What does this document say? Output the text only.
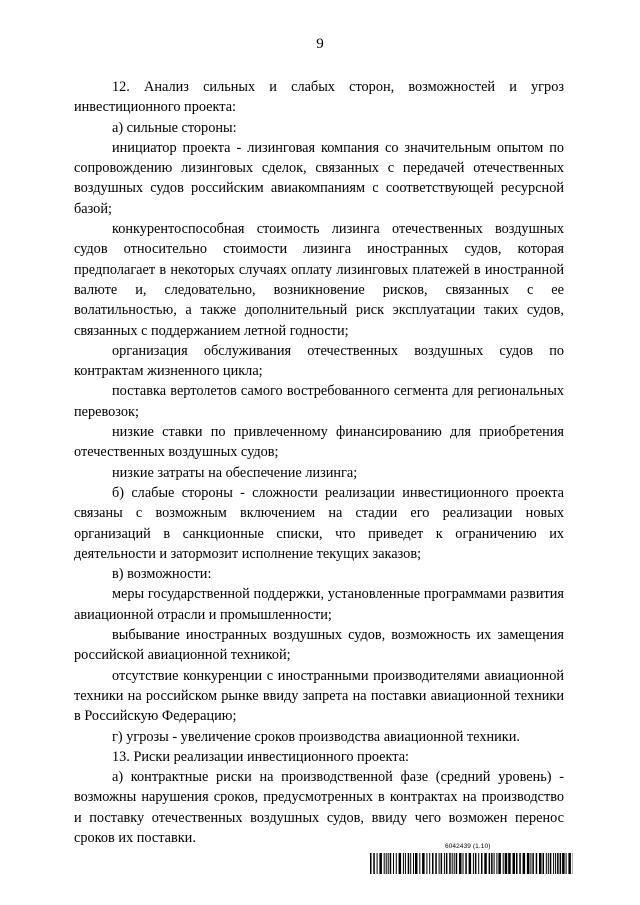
9

12. Анализ сильных и слабых сторон, возможностей и угроз инвестиционного проекта:

а) сильные стороны:

инициатор проекта - лизинговая компания со значительным опытом по сопровождению лизинговых сделок, связанных с передачей отечественных воздушных судов российским авиакомпаниям с соответствующей ресурсной базой;

конкурентоспособная стоимость лизинга отечественных воздушных судов относительно стоимости лизинга иностранных судов, которая предполагает в некоторых случаях оплату лизинговых платежей в иностранной валюте и, следовательно, возникновение рисков, связанных с ее волатильностью, а также дополнительный риск эксплуатации таких судов, связанных с поддержанием летной годности;

организация обслуживания отечественных воздушных судов по контрактам жизненного цикла;

поставка вертолетов самого востребованного сегмента для региональных перевозок;

низкие ставки по привлеченному финансированию для приобретения отечественных воздушных судов;

низкие затраты на обеспечение лизинга;

б) слабые стороны - сложности реализации инвестиционного проекта связаны с возможным включением на стадии его реализации новых организаций в санкционные списки, что приведет к ограничению их деятельности и затормозит исполнение текущих заказов;

в) возможности:

меры государственной поддержки, установленные программами развития авиационной отрасли и промышленности;

выбывание иностранных воздушных судов, возможность их замещения российской авиационной техникой;

отсутствие конкуренции с иностранными производителями авиационной техники на российском рынке ввиду запрета на поставки авиационной техники в Российскую Федерацию;

г) угрозы - увеличение сроков производства авиационной техники.

13. Риски реализации инвестиционного проекта:

а) контрактные риски на производственной фазе (средний уровень) - возможны нарушения сроков, предусмотренных в контрактах на производство и поставку отечественных воздушных судов, ввиду чего возможен перенос сроков их поставки.

6042439 (1.10)
